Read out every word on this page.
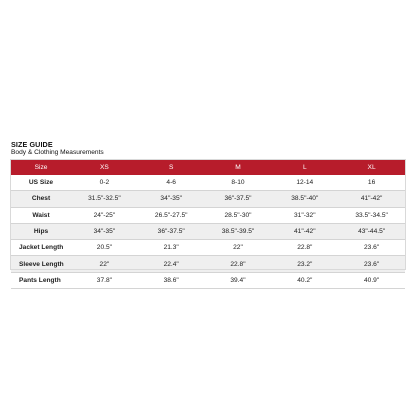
SIZE GUIDE
Body & Clothing Measurements
Size	XS	S	M	L	XL
US Size	0-2	4-6	8-10	12-14	16
Chest	31.5"-32.5"	34"-35"	36"-37.5"	38.5"-40"	41"-42"
Waist	24"-25"	26.5"-27.5"	28.5"-30"	31"-32"	33.5"-34.5"
Hips	34"-35"	36"-37.5"	38.5"-39.5"	41"-42"	43"-44.5"
Jacket Length	20.5"	21.3"	22"	22.8"	23.6"
Sleeve Length	22"	22.4"	22.8"	23.2"	23.6"
Pants Length	37.8"	38.6"	39.4"	40.2"	40.9"
